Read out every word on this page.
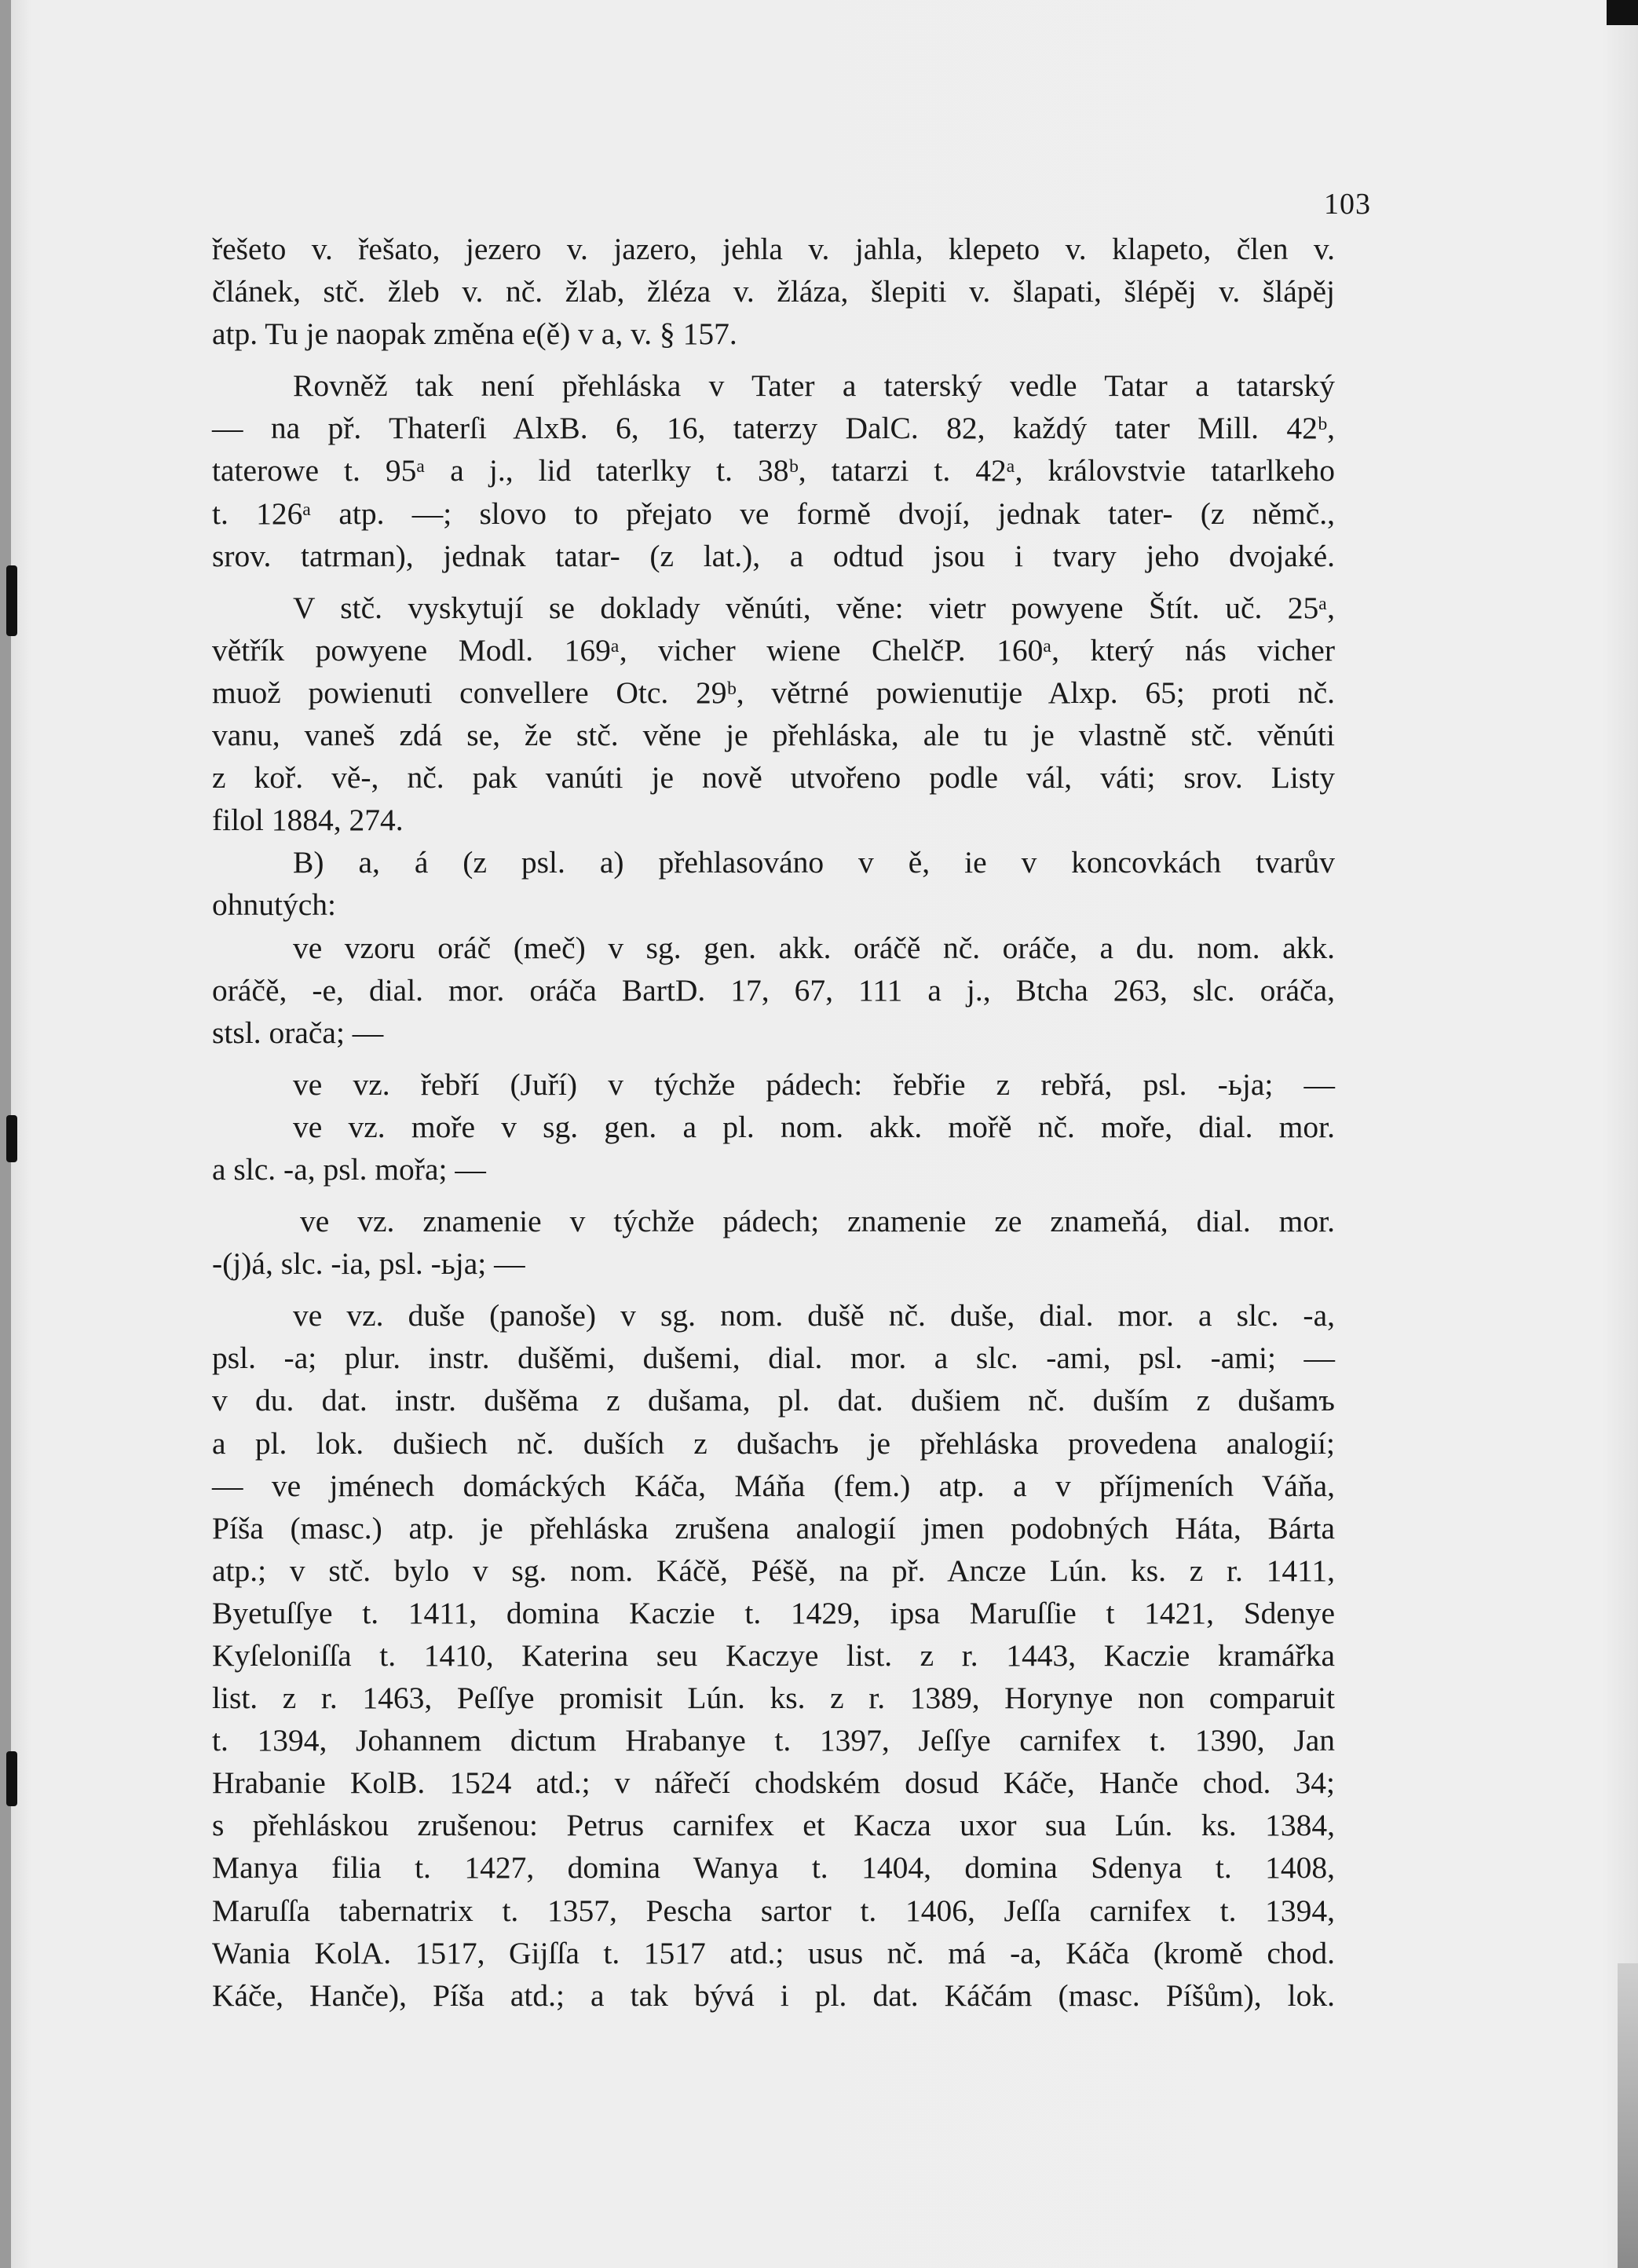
103
řešeto v. řešato, jezero v. jazero, jehla v. jahla, klepeto v. klapeto, člen v.
článek, stč. žleb v. nč. žlab, žléza v. žláza, šlepiti v. šlapati, šlépěj v. šlápěj
atp. Tu je naopak změna e(ě) v a, v. § 157.
Rovněž tak není přehláska v Tater a taterský vedle Tatar a tatarský
— na př. Thaterſi AlxB. 6, 16, taterzy DalC. 82, každý tater Mill. 42ᵇ,
taterowe t. 95ᵃ a j., lid taterlky t. 38ᵇ, tatarzi t. 42ᵃ, královstvie tatarlkeho
t. 126ᵃ atp. —; slovo to přejato ve formě dvojí, jednak tater- (z němč.,
srov. tatrman), jednak tatar- (z lat.), a odtud jsou i tvary jeho dvojaké.
V stč. vyskytují se doklady věnúti, věne: vietr powyene Štít. uč. 25ᵃ,
větřík powyene Modl. 169ᵃ, vicher wiene ChelčP. 160ᵃ, který nás vicher
muož powienuti convellere Otc. 29ᵇ, větrné powienutije Alxp. 65; proti nč.
vanu, vaneš zdá se, že stč. věne je přehláska, ale tu je vlastně stč. věnúti
z koř. vě-, nč. pak vanúti je nově utvořeno podle vál, váti; srov. Listy
filol 1884, 274.
B) a, á (z psl. a) přehlasováno v ě, ie v koncovkách tvarův
ohnutých:
ve vzoru oráč (meč) v sg. gen. akk. oráčě nč. oráče, a du. nom. akk.
oráčě, -e, dial. mor. oráča BartD. 17, 67, 111 a j., Btcha 263, slc. oráča,
stsl. orača; —
ve vz. řebří (Juří) v týchže pádech: řebřie z rebřá, psl. -ьja; —
ve vz. moře v sg. gen. a pl. nom. akk. mořě nč. moře, dial. mor.
a slc. -a, psl. mořa; —
ve vz. znamenie v týchže pádech; znamenie ze znameňá, dial. mor.
-(j)á, slc. -ia, psl. -ьja; —
ve vz. duše (panoše) v sg. nom. dušě nč. duše, dial. mor. a slc. -a,
psl. -a; plur. instr. dušěmi, dušemi, dial. mor. a slc. -ami, psl. -ami; —
v du. dat. instr. dušěma z dušama, pl. dat. dušiem nč. duším z dušamъ
a pl. lok. dušiech nč. duších z dušachъ je přehláska provedena analogií;
— ve jménech domáckých Káča, Máňa (fem.) atp. a v příjmeních Váňa,
Píša (masc.) atp. je přehláska zrušena analogií jmen podobných Háta, Bárta
atp.; v stč. bylo v sg. nom. Káčě, Péšě, na př. Ancze Lún. ks. z r. 1411,
Byetuſſye t. 1411, domina Kaczie t. 1429, ipsa Maruſſie t 1421, Sdenye
Kyſeloniſſa t. 1410, Katerina seu Kaczye list. z r. 1443, Kaczie kramářka
list. z r. 1463, Peſſye promisit Lún. ks. z r. 1389, Horynye non comparuit
t. 1394, Johannem dictum Hrabanye t. 1397, Jeſſye carnifex t. 1390, Jan
Hrabanie KolB. 1524 atd.; v nářečí chodském dosud Káče, Hanče chod. 34;
s přehláskou zrušenou: Petrus carnifex et Kacza uxor sua Lún. ks. 1384,
Manya filia t. 1427, domina Wanya t. 1404, domina Sdenya t. 1408,
Maruſſa tabernatrix t. 1357, Pescha sartor t. 1406, Jeſſa carnifex t. 1394,
Wania KolA. 1517, Gijſſa t. 1517 atd.; usus nč. má -a, Káča (kromě chod.
Káče, Hanče), Píša atd.; a tak bývá i pl. dat. Káčám (masc. Píšům), lok.
